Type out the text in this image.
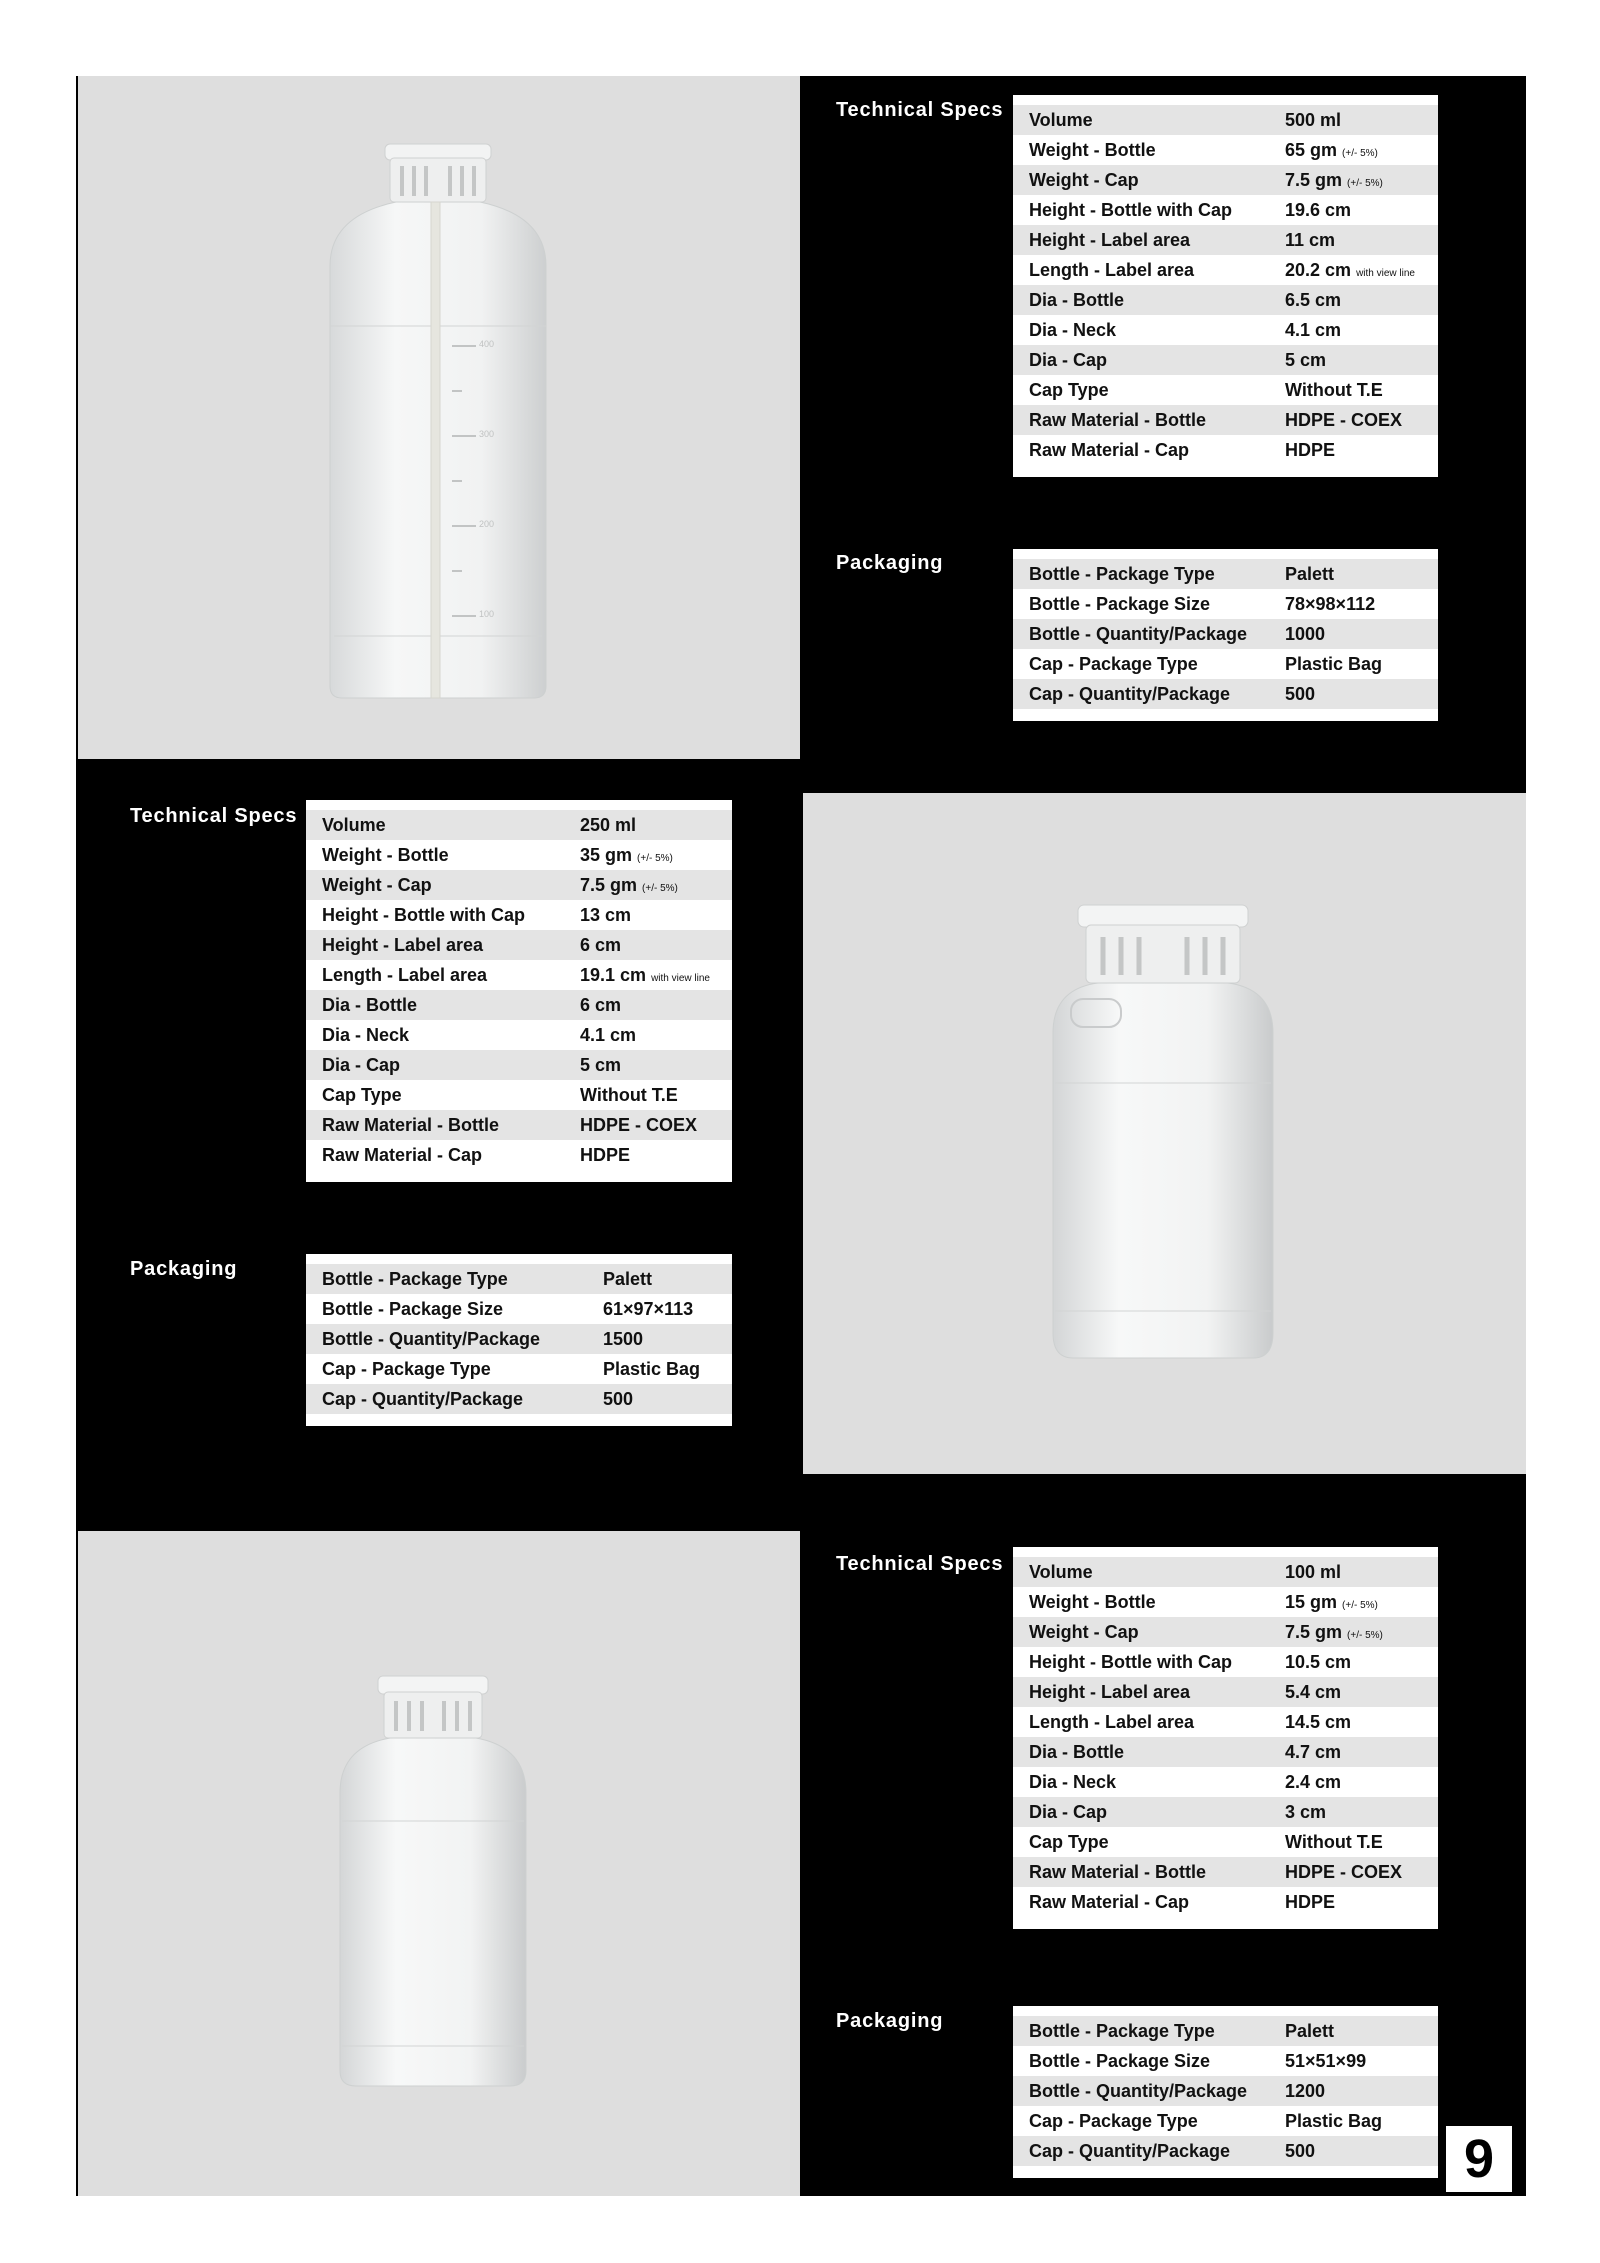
400
300
200
100
Technical Specs Volume	500 ml
Weight - Bottle	65 gm (+/- 5%)
Weight - Cap	7.5 gm (+/- 5%)
Height - Bottle with Cap	19.6 cm
Height - Label area	11 cm
Length - Label area	20.2 cm with view line
Dia - Bottle	6.5 cm
Dia - Neck	4.1 cm
Dia - Cap	5 cm
Cap Type	Without T.E
Raw Material - Bottle	HDPE - COEX
Raw Material - Cap	HDPE
Packaging	Bottle - Package Type	Palett
Bottle - Package Size	78×98×112
Bottle - Quantity/Package	1000
Cap - Package Type	Plastic Bag
Cap - Quantity/Package	500
Technical Specs Volume	250 ml
Weight - Bottle	35 gm (+/- 5%)
Weight - Cap	7.5 gm (+/- 5%)
Height - Bottle with Cap	13 cm
Height - Label area	6 cm
Length - Label area	19.1 cm with view line
Dia - Bottle	6 cm
Dia - Neck	4.1 cm
Dia - Cap	5 cm
Cap Type	Without T.E
Raw Material - Bottle	HDPE - COEX
Raw Material - Cap	HDPE
Packaging	Bottle - Package Type	Palett
Bottle - Package Size	61×97×113
Bottle - Quantity/Package	1500
Cap - Package Type	Plastic Bag
Cap - Quantity/Package	500
Technical Specs Volume	100 ml
Weight - Bottle	15 gm (+/- 5%)
Weight - Cap	7.5 gm (+/- 5%)
Height - Bottle with Cap	10.5 cm
Height - Label area	5.4 cm
Length - Label area	14.5 cm
Dia - Bottle	4.7 cm
Dia - Neck	2.4 cm
Dia - Cap	3 cm
Cap Type	Without T.E
Raw Material - Bottle	HDPE - COEX
Raw Material - Cap	HDPE
Packaging	Bottle - Package Type	Palett
Bottle - Package Size	51×51×99
Bottle - Quantity/Package	1200
Cap - Package Type	Plastic Bag
Cap - Quantity/Package	500	9
